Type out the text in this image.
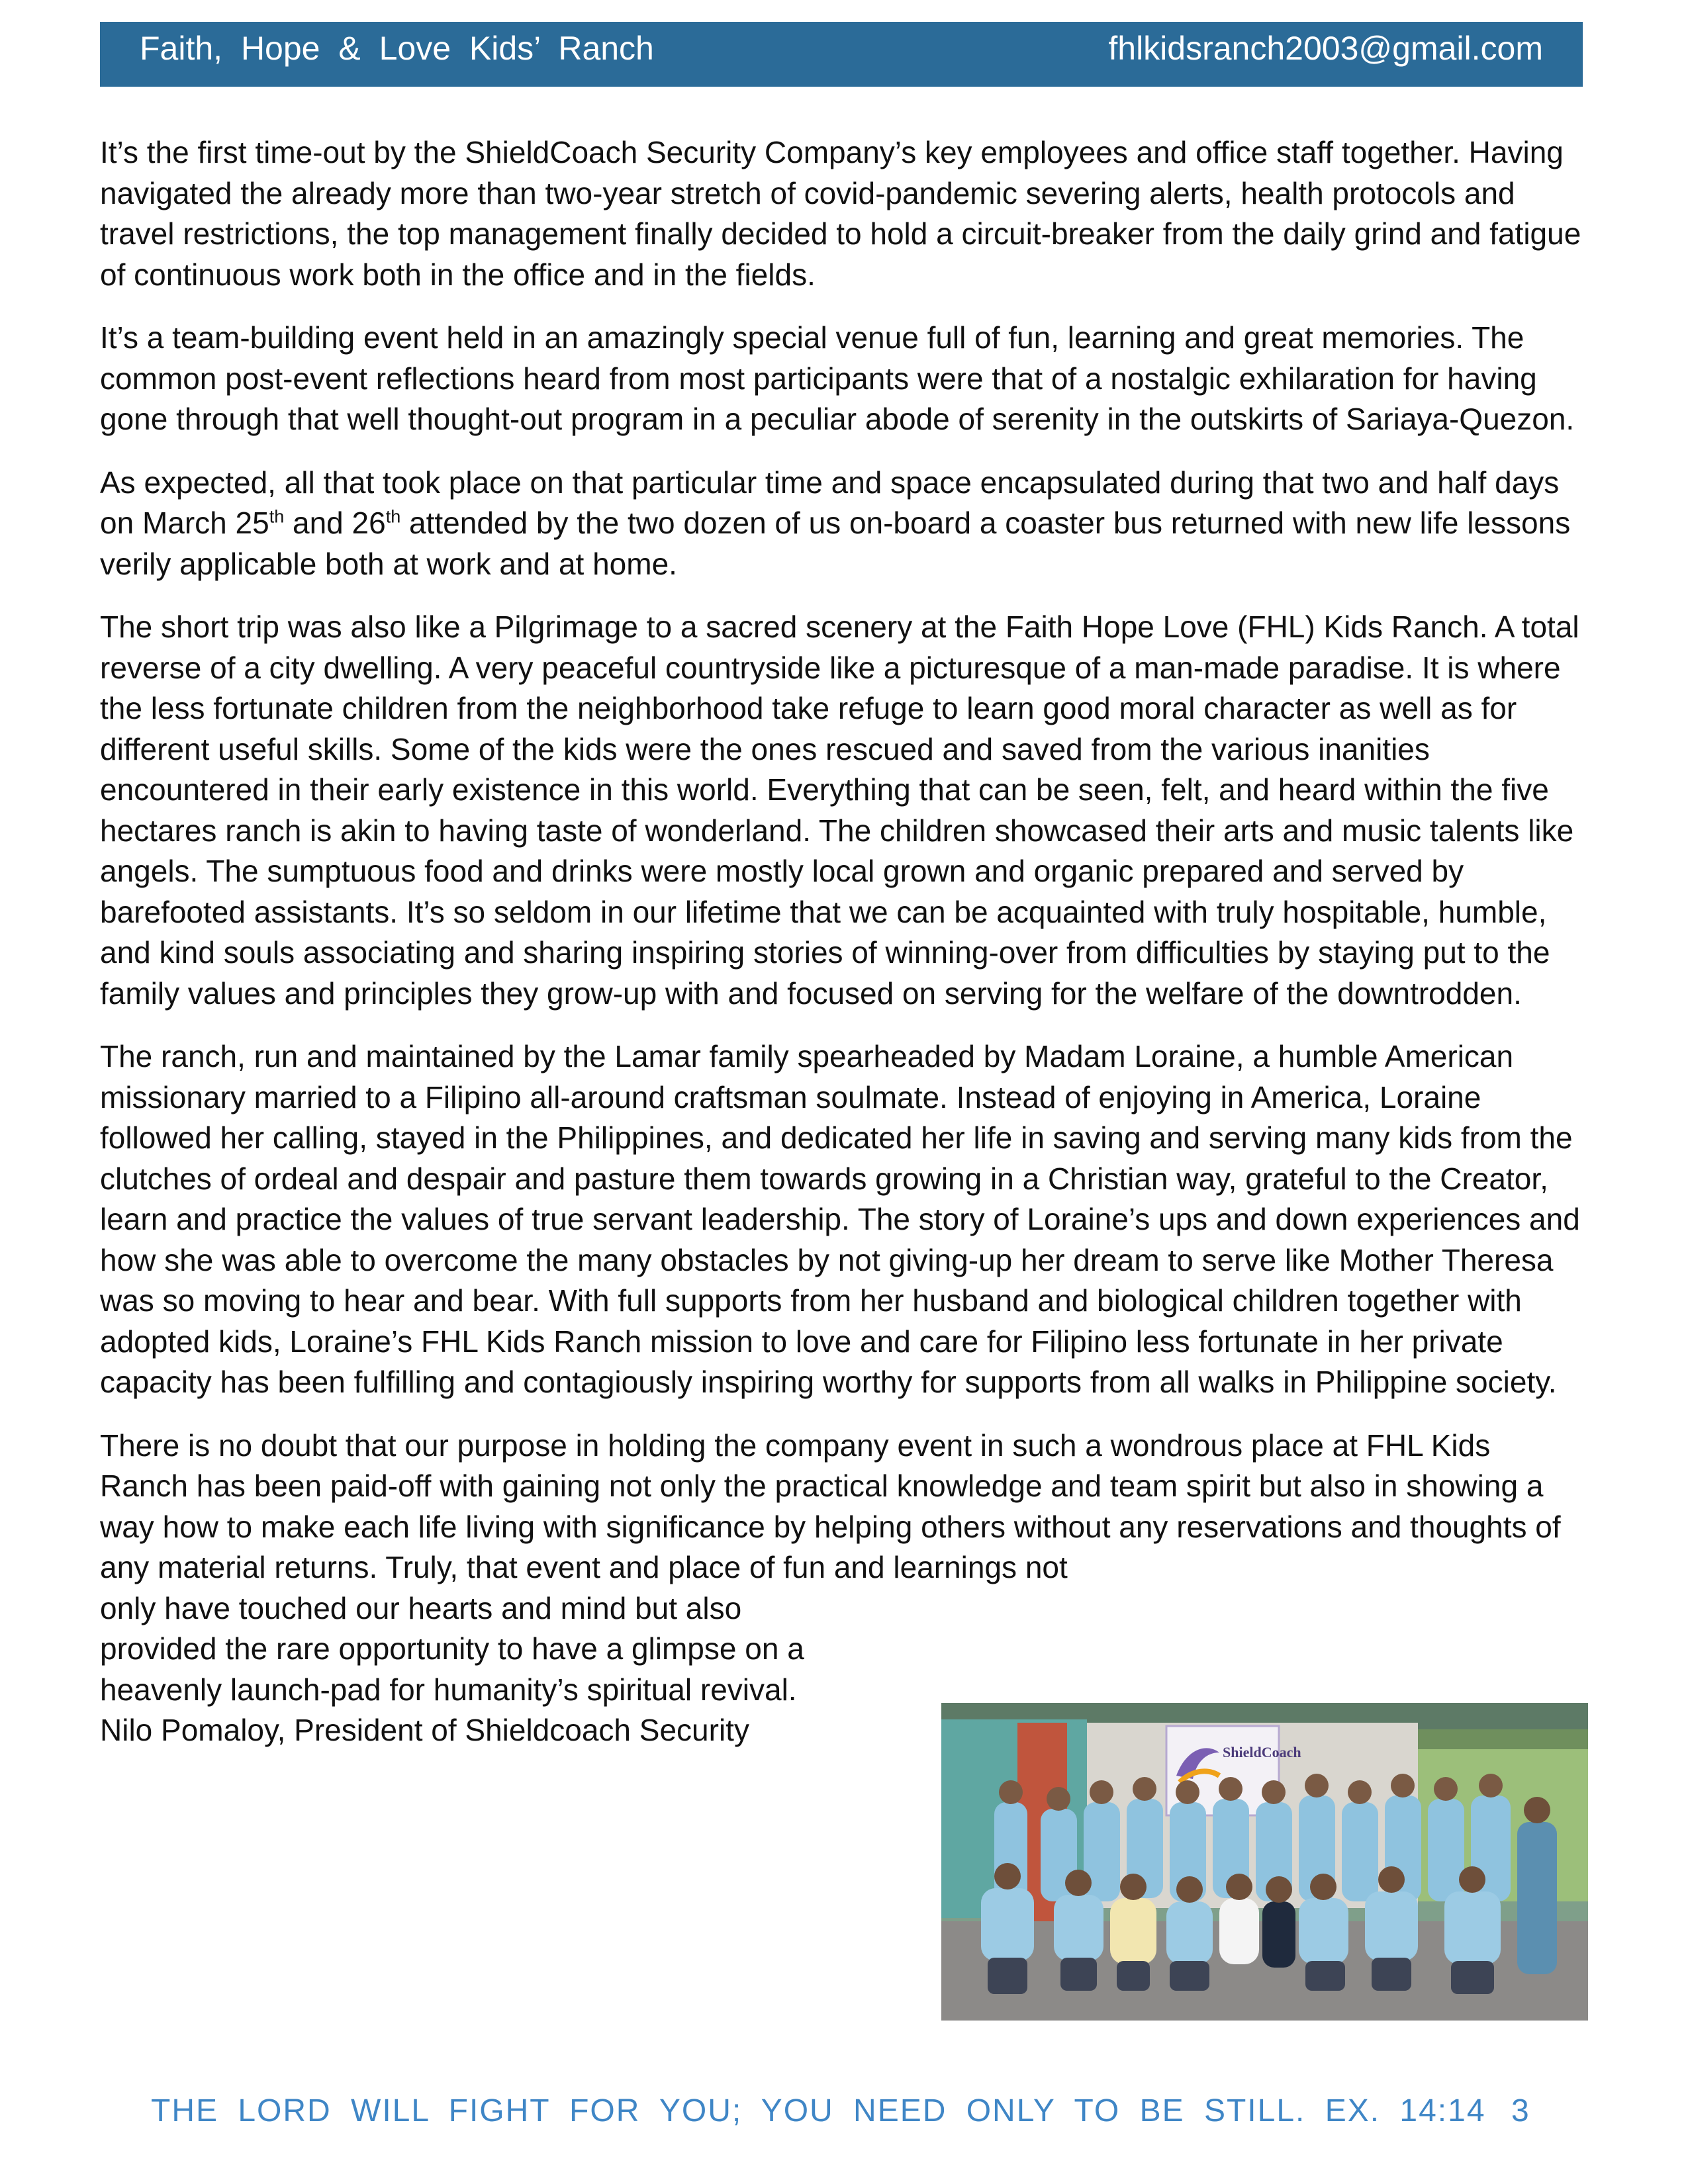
Faith, Hope & Love Kids’ Ranch	fhlkidsranch2003@gmail.com

It’s the first time-out by the ShieldCoach Security Company’s key employees and office staff together. Having navigated the already more than two-year stretch of covid-pandemic severing alerts, health protocols and travel restrictions, the top management finally decided to hold a circuit-breaker from the daily grind and fatigue of continuous work both in the office and in the fields.

It’s a team-building event held in an amazingly special venue full of fun, learning and great memories. The common post-event reflections heard from most participants were that of a nostalgic exhilaration for having gone through that well thought-out program in a peculiar abode of serenity in the outskirts of Sariaya-Quezon.

As expected, all that took place on that particular time and space encapsulated during that two and half days on March 25th and 26th attended by the two dozen of us on-board a coaster bus returned with new life lessons verily applicable both at work and at home.

The short trip was also like a Pilgrimage to a sacred scenery at the Faith Hope Love (FHL) Kids Ranch. A total reverse of a city dwelling. A very peaceful countryside like a picturesque of a man-made paradise. It is where the less fortunate children from the neighborhood take refuge to learn good moral character as well as for different useful skills. Some of the kids were the ones rescued and saved from the various inanities encountered in their early existence in this world. Everything that can be seen, felt, and heard within the five hectares ranch is akin to having taste of wonderland. The children showcased their arts and music talents like angels. The sumptuous food and drinks were mostly local grown and organic prepared and served by barefooted assistants. It’s so seldom in our lifetime that we can be acquainted with truly hospitable, humble, and kind souls associating and sharing inspiring stories of winning-over from difficulties by staying put to the family values and principles they grow-up with and focused on serving for the welfare of the downtrodden.

The ranch, run and maintained by the Lamar family spearheaded by Madam Loraine, a humble American missionary married to a Filipino all-around craftsman soulmate. Instead of enjoying in America, Loraine followed her calling, stayed in the Philippines, and dedicated her life in saving and serving many kids from the clutches of ordeal and despair and pasture them towards growing in a Christian way, grateful to the Creator, learn and practice the values of true servant leadership. The story of Loraine’s ups and down experiences and how she was able to overcome the many obstacles by not giving-up her dream to serve like Mother Theresa was so moving to hear and bear. With full supports from her husband and biological children together with adopted kids, Loraine’s FHL Kids Ranch mission to love and care for Filipino less fortunate in her private capacity has been fulfilling and contagiously inspiring worthy for supports from all walks in Philippine society.

There is no doubt that our purpose in holding the company event in such a wondrous place at FHL Kids Ranch has been paid-off with gaining not only the practical knowledge and team spirit but also in showing a way how to make each life living with significance by helping others without any reservations and thoughts of any material returns. Truly, that event and place of fun and learnings not
only have touched our hearts and mind but also
provided the rare opportunity to have a glimpse on a
heavenly launch-pad for humanity’s spiritual revival.

Nilo Pomaloy, President of Shieldcoach Security

ShieldCoach
THE LORD WILL FIGHT FOR YOU; YOU NEED ONLY TO BE STILL. EX. 14:14 3
